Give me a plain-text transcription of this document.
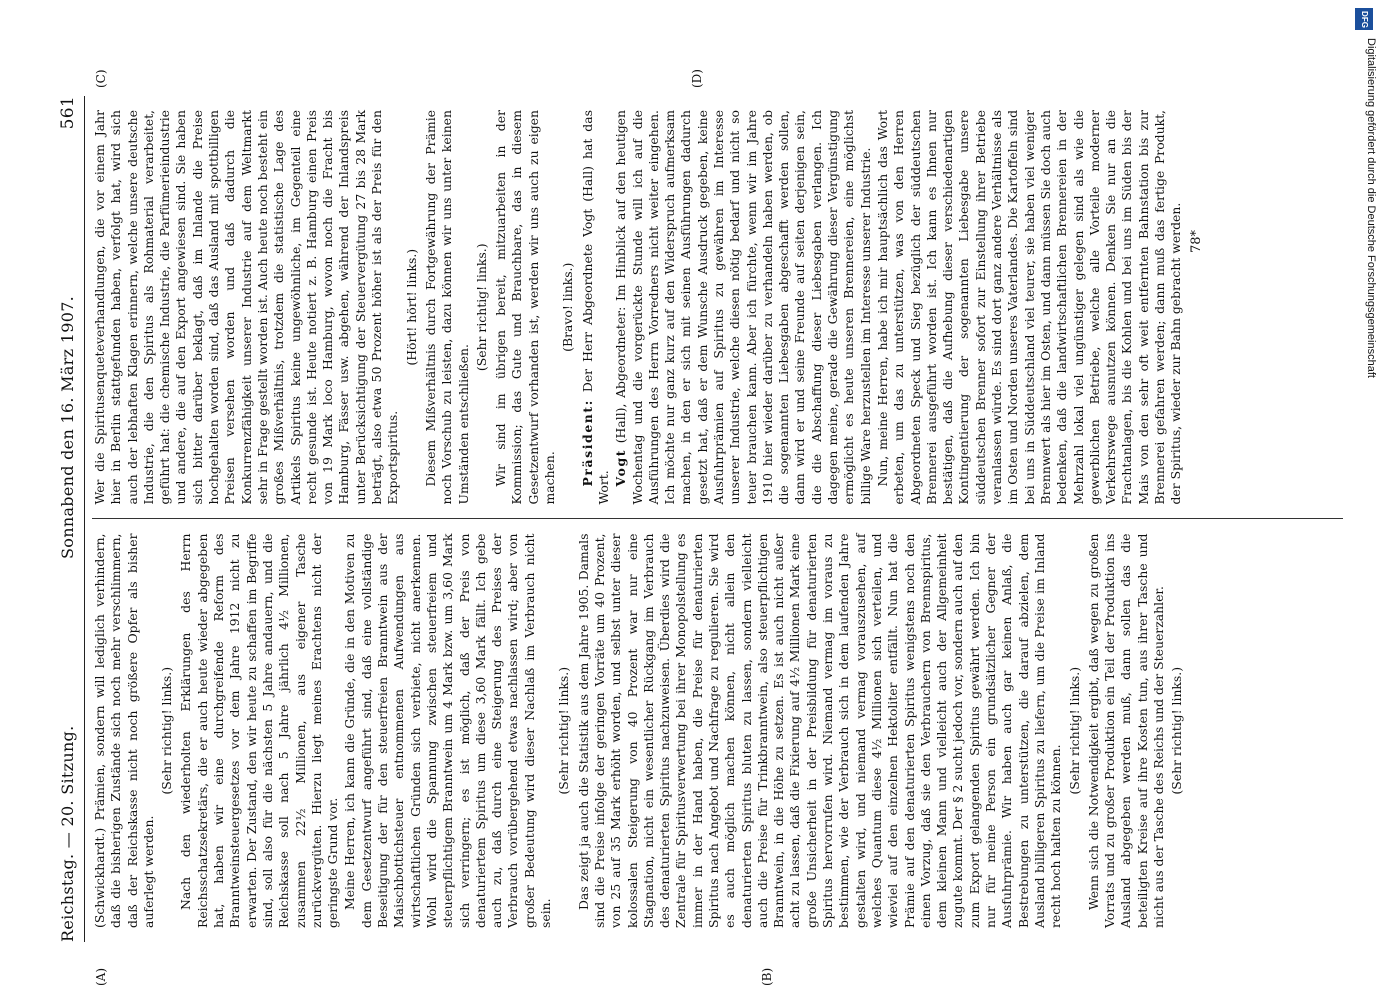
Reichstag. — 20. Sitzung.
Sonnabend den 16. März 1907.
561
(Schwickhardt.) Prämien, sondern will lediglich verhindern, daß die bisherigen Zustände sich noch mehr verschlimmern, daß der Reichskasse nicht noch größere Opfer als bisher auferlegt werden.
(Sehr richtig! links.) Nach den wiederholten Erklärungen des Herrn Reichsschatzsekretärs, die er auch heute wieder abgegeben hat, haben wir eine durchgreifende Reform des Branntweinsteuergesetzes vor dem Jahre 1912 nicht zu erwarten. Der Zustand, den wir heute zu schaffen im Begriffe sind, soll also für die nächsten 5 Jahre andauern, und die Reichskasse soll nach 5 Jahre jährlich 4½ Millionen, zusammen 22½ Millionen, aus eigener Tasche zurückvergüten. Hierzu liegt meines Erachtens nicht der geringste Grund vor. Meine Herren, ich kann die Gründe, die in den Motiven zu dem Gesetzentwurf angeführt sind, daß eine vollständige Beseitigung der für den steuerfreien Branntwein aus der Maischbottichsteuer entnommenen Aufwendungen aus wirtschaftlichen Gründen sich verbiete, nicht anerkennen. Wohl wird die Spannung zwischen steuerfreiem und steuerpflichtigem Branntwein um 4 Mark bzw. um 3,60 Mark sich verringern; es ist möglich, daß der Preis von denaturiertem Spiritus um diese 3,60 Mark fällt. Ich gebe auch zu, daß durch eine Steigerung des Preises der Verbrauch vorübergehend etwas nachlassen wird; aber von großer Bedeutung wird dieser Nachlaß im Verbrauch nicht sein.
(Sehr richtig! links.) Das zeigt ja auch die Statistik aus dem Jahre 1905. Damals sind die Preise infolge der geringen Vorräte um 40 Prozent, von 25 auf 35 Mark erhöht worden, und selbst unter dieser kolossalen Steigerung von 40 Prozent war nur eine Stagnation, nicht ein wesentlicher Rückgang im Verbrauch des denaturierten Spiritus nachzuweisen. Überdies wird die Zentrale für Spiritusverwertung bei ihrer Monopolstellung es immer in der Hand haben, die Preise für denaturierten Spiritus nach Angebot und Nachfrage zu regulieren. Sie wird es auch möglich machen können, nicht allein den denaturierten Spiritus bluten zu lassen, sondern vielleicht auch die Preise für Trinkbranntwein, also steuerpflichtigen Branntwein, in die Höhe zu setzen. Es ist auch nicht außer acht zu lassen, daß die Fixierung auf 4½ Millionen Mark eine große Unsicherheit in der Preisbildung für denaturierten Spiritus hervorrufen wird. Niemand vermag im voraus zu bestimmen, wie der Verbrauch sich in dem laufenden Jahre gestalten wird, und niemand vermag vorauszusehen, auf welches Quantum diese 4½ Millionen sich verteilen, und wieviel auf den einzelnen Hektoliter entfällt. Nun hat die Prämie auf den denaturierten Spiritus wenigstens noch den einen Vorzug, daß sie den Verbrauchern von Brennspiritus, dem kleinen Mann und vielleicht auch der Allgemeinheit zugute kommt. Der § 2 sucht jedoch vor, sondern auch auf den zum Export gelangenden Spiritus gewährt werden. Ich bin nur für meine Person ein grundsätzlicher Gegner der Ausfuhrprämie. Wir haben auch gar keinen Anlaß, die Bestrebungen zu unterstützen, die darauf abzielen, dem Ausland billigeren Spiritus zu liefern, um die Preise im Inland recht hoch halten zu können.
(Sehr richtig! links.) Wenn sich die Notwendigkeit ergibt, daß wegen zu großen Vorrats und zu großer Produktion ein Teil der Produktion ins Ausland abgegeben werden muß, dann sollen das die beteiligten Kreise auf ihre Kosten tun, aus ihrer Tasche und nicht aus der Tasche des Reichs und der Steuerzahler. (Sehr richtig! links.)
Wer die Spiritusenqueteverhandlungen, die vor einem Jahr hier in Berlin stattgefunden haben, verfolgt hat, wird sich auch der lebhaften Klagen erinnern, welche unsere deutsche Industrie, die den Spiritus als Rohmaterial verarbeitet, geführt hat: die chemische Industrie, die Parfümerieindustrie und andere, die auf den Export angewiesen sind. Sie haben sich bitter darüber beklagt, daß im Inlande die Preise hochgehalten worden sind, daß das Ausland mit spottbilligen Preisen versehen worden und daß dadurch die Konkurrenzfähigkeit unserer Industrie auf dem Weltmarkt sehr in Frage gestellt worden ist. Auch heute noch besteht ein großes Mißverhältnis, trotzdem die statistische Lage des Artikels Spiritus keine ungewöhnliche, im Gegenteil eine recht gesunde ist. Heute notiert z. B. Hamburg einen Preis von 19 Mark loco Hamburg, wovon noch die Fracht bis Hamburg, Fässer usw. abgehen, während der Inlandspreis unter Berücksichtigung der Steuervergütung 27 bis 28 Mark beträgt, also etwa 50 Prozent höher ist als der Preis für den Exportspiritus.
(Hört! hört! links.) Diesem Mißverhältnis durch Fortgewährung der Prämie noch Vorschub zu leisten, dazu können wir uns unter keinen Umständen entschließen.
(Sehr richtig! links.) Wir sind im übrigen bereit, mitzuarbeiten in der Kommission; das Gute und Brauchbare, das in diesem Gesetzentwurf vorhanden ist, werden wir uns auch zu eigen machen.
(Bravo! links.)
Präsident: Der Herr Abgeordnete Vogt (Hall) hat das Wort.
Vogt (Hall), Abgeordneter: Im Hinblick auf den heutigen Wochentag und die vorgerückte Stunde will ich auf die Ausführungen des Herrn Vorredners nicht weiter eingehen. Ich möchte nur ganz kurz auf den Widerspruch aufmerksam machen, in den er sich mit seinen Ausführungen dadurch gesetzt hat, daß er dem Wunsche Ausdruck gegeben, keine Ausfuhrprämien auf Spiritus zu gewähren im Interesse unserer Industrie, welche diesen nötig bedarf und nicht so teuer brauchen kann. Aber ich fürchte, wenn wir im Jahre 1910 hier wieder darüber zu verhandeln haben werden, ob die sogenannten Liebesgaben abgeschafft werden sollen, dann wird er und seine Freunde auf seiten derjenigen sein, die die Abschaffung dieser Liebesgaben verlangen. Ich dagegen meine, gerade die Gewährung dieser Vergünstigung ermöglicht es heute unseren Brennereien, eine möglichst billige Ware herzustellen im Interesse unserer Industrie. Nun, meine Herren, habe ich mir hauptsächlich das Wort erbeten, um das zu unterstützen, was von den Herren Abgeordneten Speck und Sieg bezüglich der süddeutschen Brennerei ausgeführt worden ist. Ich kann es Ihnen nur bestätigen, daß die Aufhebung dieser verschiedenartigen Kontingentierung der sogenannten Liebesgabe unsere süddeutschen Brenner sofort zur Einstellung ihrer Betriebe veranlassen würde. Es sind dort ganz andere Verhältnisse als im Osten und Norden unseres Vaterlandes. Die Kartoffeln sind bei uns in Süddeutschland viel teurer, sie haben viel weniger Brennwert als hier im Osten, und dann müssen Sie doch auch bedenken, daß die landwirtschaftlichen Brennereien in der Mehrzahl lokal viel ungünstiger gelegen sind als wie die gewerblichen Betriebe, welche alle Vorteile moderner Verkehrswege ausnutzen können. Denken Sie nur an die Frachtanlagen, bis die Kohlen und bei uns im Süden bis der Mais von den sehr oft weit entfernten Bahnstation bis zur Brennerei gefahren werden; dann muß das fertige Produkt, der Spiritus, wieder zur Bahn gebracht werden. 78*
(A)	(B)
(C)	(D)
DFG
Digitalisierung gefördert durch die Deutsche Forschungsgemeinschaft
